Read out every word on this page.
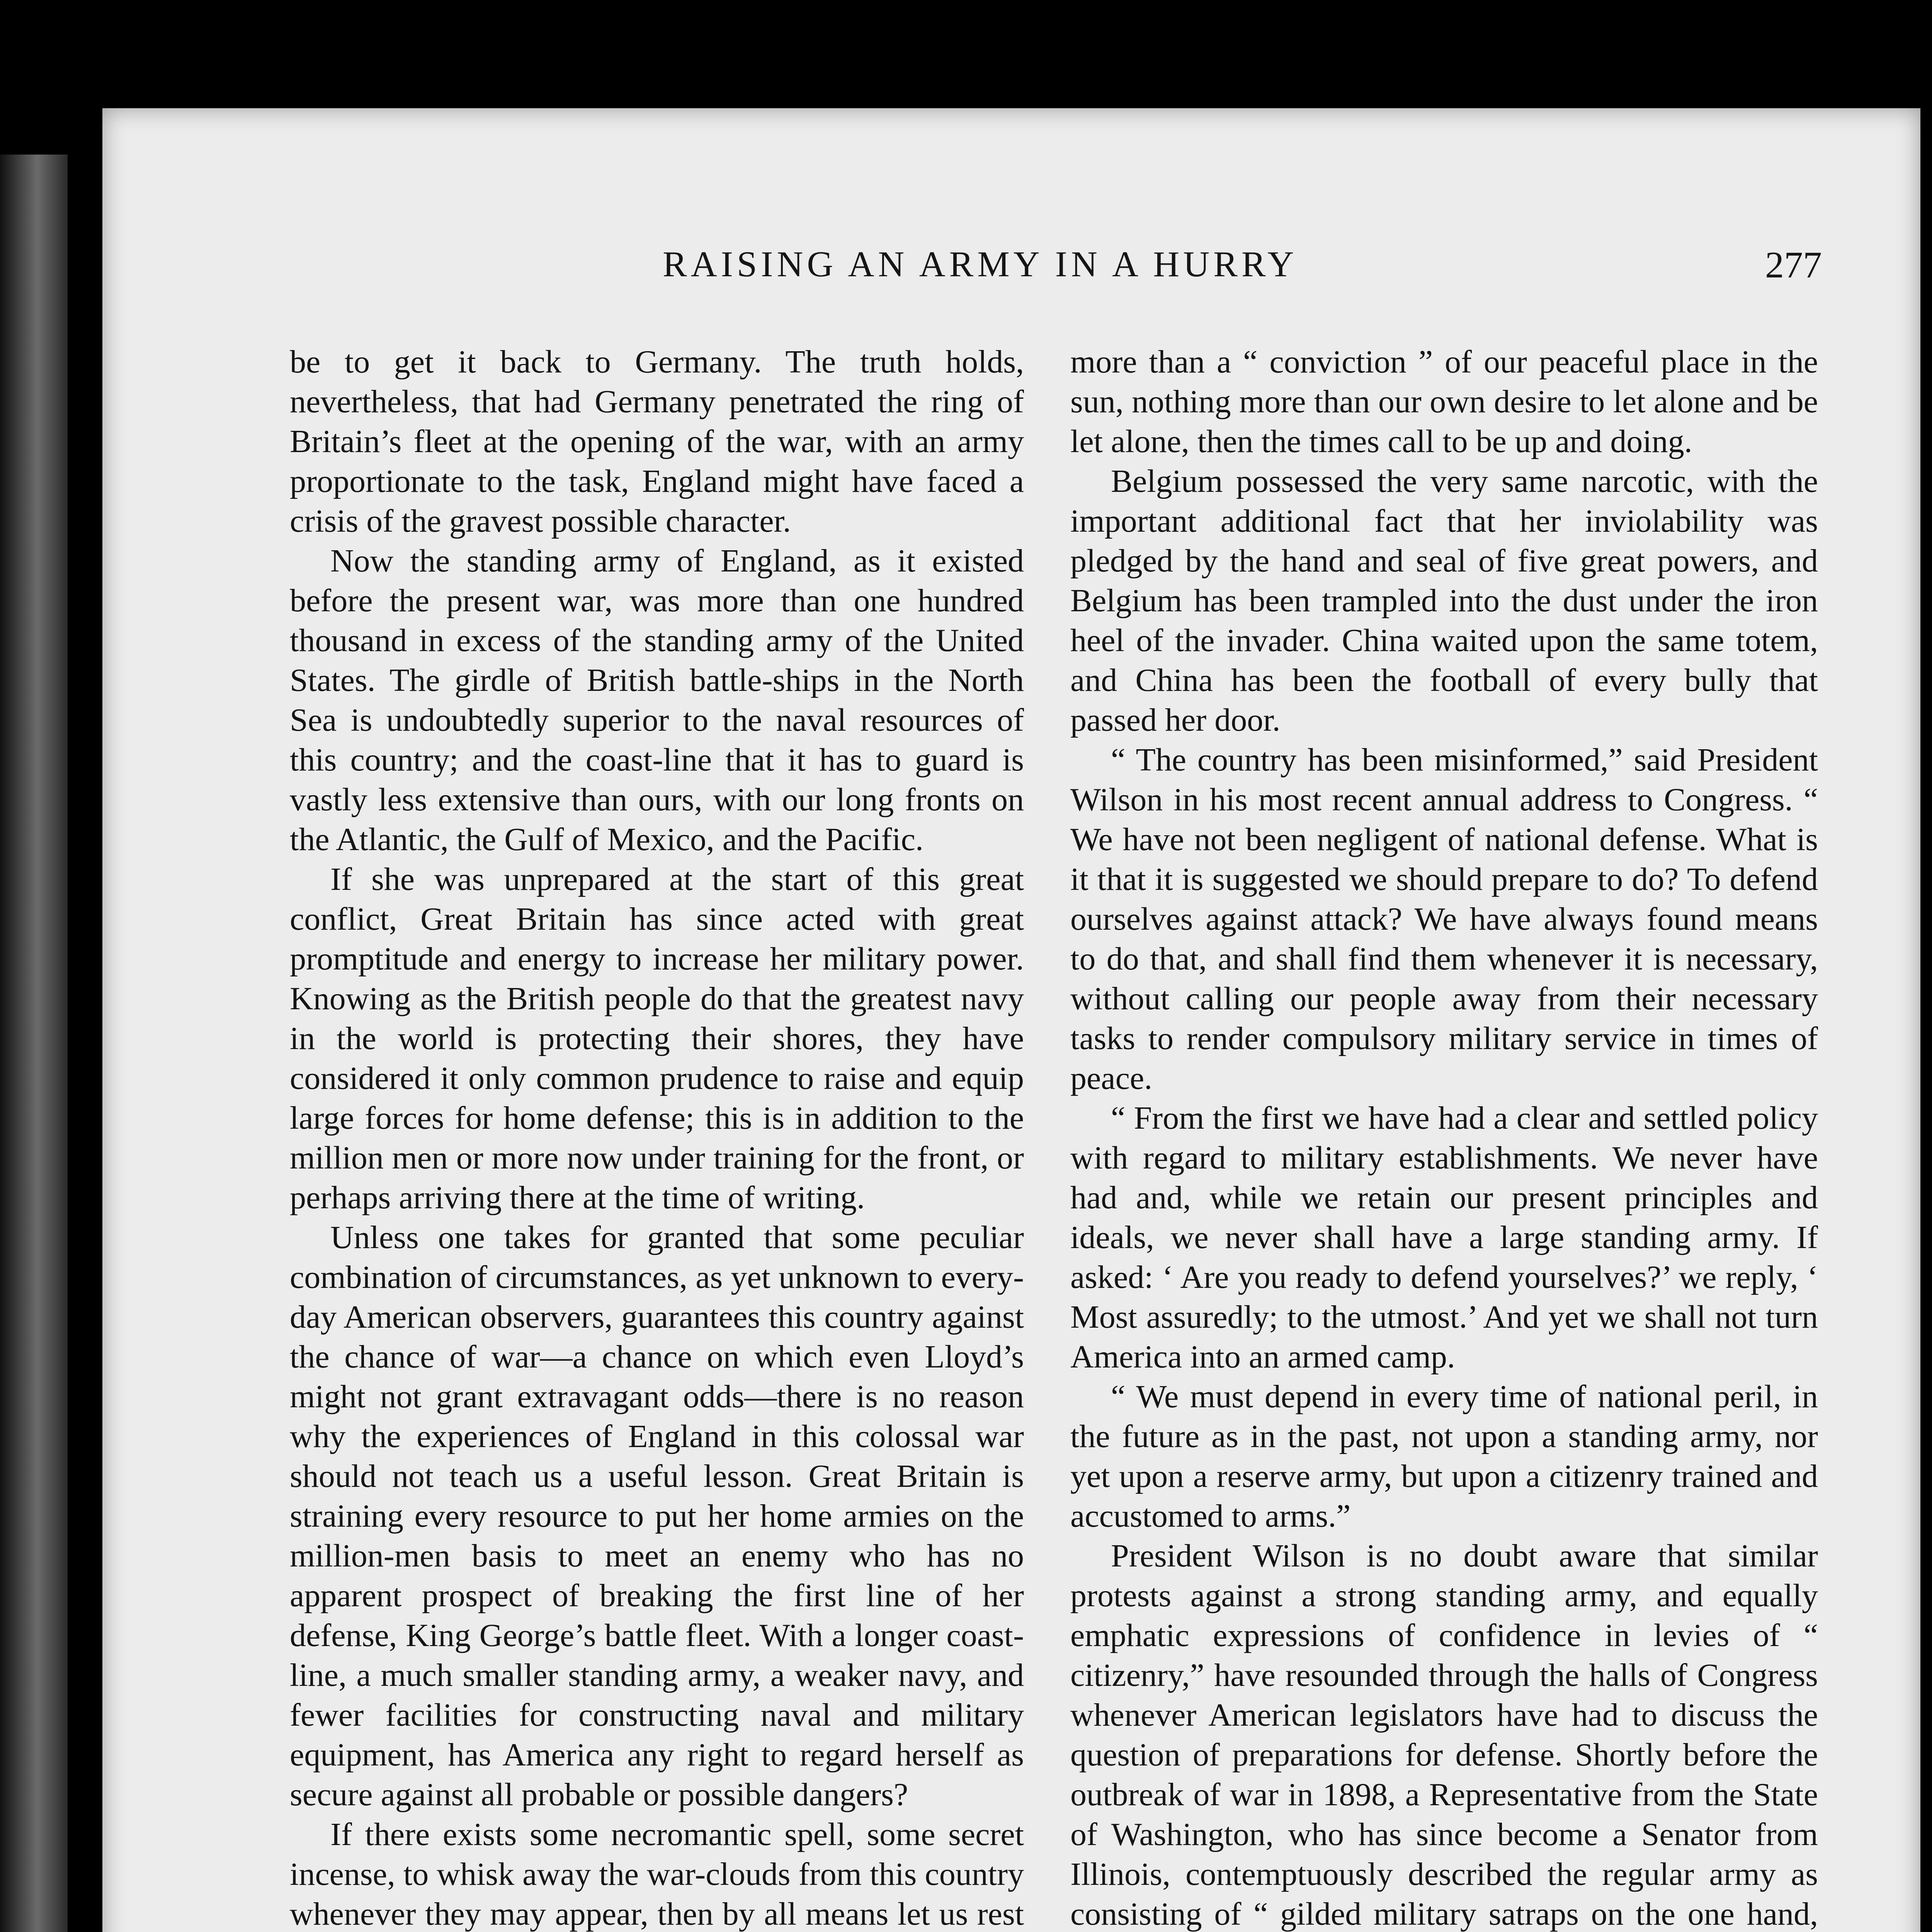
RAISING AN ARMY IN A HURRY	277

be to get it back to Germany. The truth holds, nevertheless, that had Germany penetrated the ring of Britain’s fleet at the opening of the war, with an army proportionate to the task, England might have faced a crisis of the gravest possible character.

Now the standing army of England, as it existed before the present war, was more than one hundred thousand in excess of the standing army of the United States. The girdle of British battle-ships in the North Sea is undoubtedly superior to the naval resources of this country; and the coast-line that it has to guard is vastly less extensive than ours, with our long fronts on the Atlantic, the Gulf of Mexico, and the Pacific.

If she was unprepared at the start of this great conflict, Great Britain has since acted with great promptitude and energy to increase her military power. Knowing as the British people do that the greatest navy in the world is protecting their shores, they have considered it only common prudence to raise and equip large forces for home defense; this is in addition to the million men or more now under training for the front, or perhaps arriving there at the time of writing.

Unless one takes for granted that some peculiar combination of circumstances, as yet unknown to every-day American observers, guarantees this country against the chance of war—a chance on which even Lloyd’s might not grant extravagant odds—there is no reason why the experiences of England in this colossal war should not teach us a useful lesson. Great Britain is straining every resource to put her home armies on the million-men basis to meet an enemy who has no apparent prospect of breaking the first line of her defense, King George’s battle fleet. With a longer coast-line, a much smaller standing army, a weaker navy, and fewer facilities for constructing naval and military equipment, has America any right to regard herself as secure against all probable or possible dangers?

If there exists some necromantic spell, some secret incense, to whisk away the war-clouds from this country whenever they may appear, then by all means let us rest

more than a “ conviction ” of our peaceful place in the sun, nothing more than our own desire to let alone and be let alone, then the times call to be up and doing.

Belgium possessed the very same narcotic, with the important additional fact that her inviolability was pledged by the hand and seal of five great powers, and Belgium has been trampled into the dust under the iron heel of the invader. China waited upon the same totem, and China has been the football of every bully that passed her door.

“ The country has been misinformed,” said President Wilson in his most recent annual address to Congress. “ We have not been negligent of national defense. What is it that it is suggested we should prepare to do? To defend ourselves against attack? We have always found means to do that, and shall find them whenever it is necessary, without calling our people away from their necessary tasks to render compulsory military service in times of peace.

“ From the first we have had a clear and settled policy with regard to military establishments. We never have had and, while we retain our present principles and ideals, we never shall have a large standing army. If asked: ‘ Are you ready to defend yourselves?’ we reply, ‘ Most assuredly; to the utmost.’ And yet we shall not turn America into an armed camp.

“ We must depend in every time of national peril, in the future as in the past, not upon a standing army, nor yet upon a reserve army, but upon a citizenry trained and accustomed to arms.”

President Wilson is no doubt aware that similar protests against a strong standing army, and equally emphatic expressions of confidence in levies of “ citizenry,” have resounded through the halls of Congress whenever American legislators have had to discuss the question of preparations for defense. Shortly before the outbreak of war in 1898, a Representative from the State of Washington, who has since become a Senator from Illinois, contemptuously described the regular army as consisting of “ gilded military satraps on the one hand,
